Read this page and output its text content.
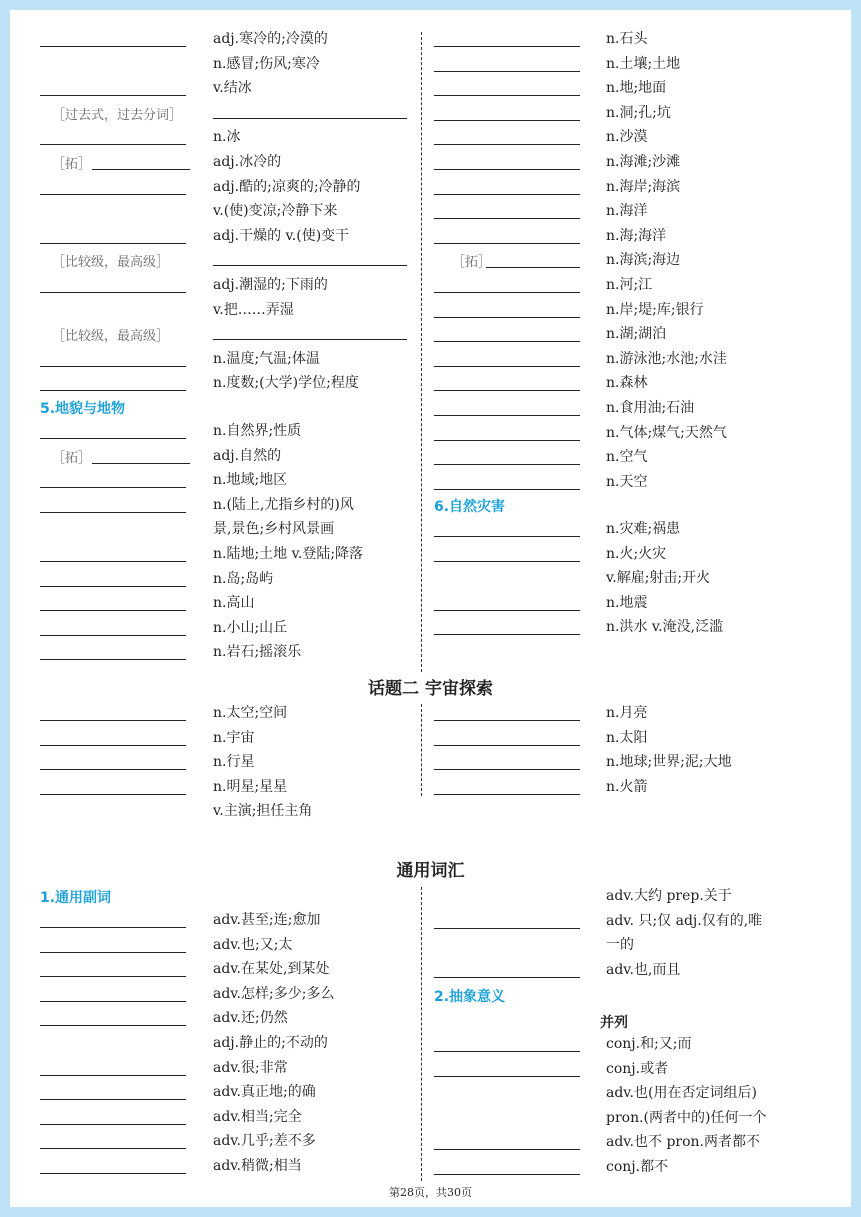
adj.寒冷的;冷漠的
n.感冒;伤风;寒冷
v.结冰
［过去式，过去分词］
n.冰
［拓］	adj.冰冷的
adj.酷的;凉爽的;冷静的
v.(使)变凉;冷静下来
adj.干燥的 v.(使)变干
［比较级，最高级］
adj.潮湿的;下雨的
v.把……弄湿
［比较级，最高级］
n.温度;气温;体温
n.度数;(大学)学位;程度
5.地貌与地物
n.自然界;性质
［拓］	adj.自然的
n.地域;地区
n.(陆上,尤指乡村的)风
景,景色;乡村风景画
n.陆地;土地 v.登陆;降落
n.岛;岛屿
n.高山
n.小山;山丘
n.岩石;摇滚乐
n.石头
n.土壤;土地
n.地;地面
n.洞;孔;坑
n.沙漠
n.海滩;沙滩
n.海岸;海滨
n.海洋
n.海;海洋
［拓］	n.海滨;海边
n.河;江
n.岸;堤;库;银行
n.湖;湖泊
n.游泳池;水池;水洼
n.森林
n.食用油;石油
n.气体;煤气;天然气
n.空气
n.天空
6.自然灾害
n.灾难;祸患
n.火;火灾
v.解雇;射击;开火
n.地震
n.洪水 v.淹没,泛滥
话题二 宇宙探索
n.太空;空间
n.宇宙
n.行星
n.明星;星星
v.主演;担任主角
n.月亮
n.太阳
n.地球;世界;泥;大地
n.火箭
通用词汇
1.通用副词
adv.甚至;连;愈加
adv.也;又;太
adv.在某处,到某处
adv.怎样;多少;多么
adv.还;仍然
adj.静止的;不动的
adv.很;非常
adv.真正地;的确
adv.相当;完全
adv.几乎;差不多
adv.稍微;相当
adv.大约 prep.关于
adv. 只;仅 adj.仅有的,唯
一的
adv.也,而且
2.抽象意义
并列
conj.和;又;而
conj.或者
adv.也(用在否定词组后)
pron.(两者中的)任何一个
adv.也不 pron.两者都不
conj.都不
第28页，共30页
